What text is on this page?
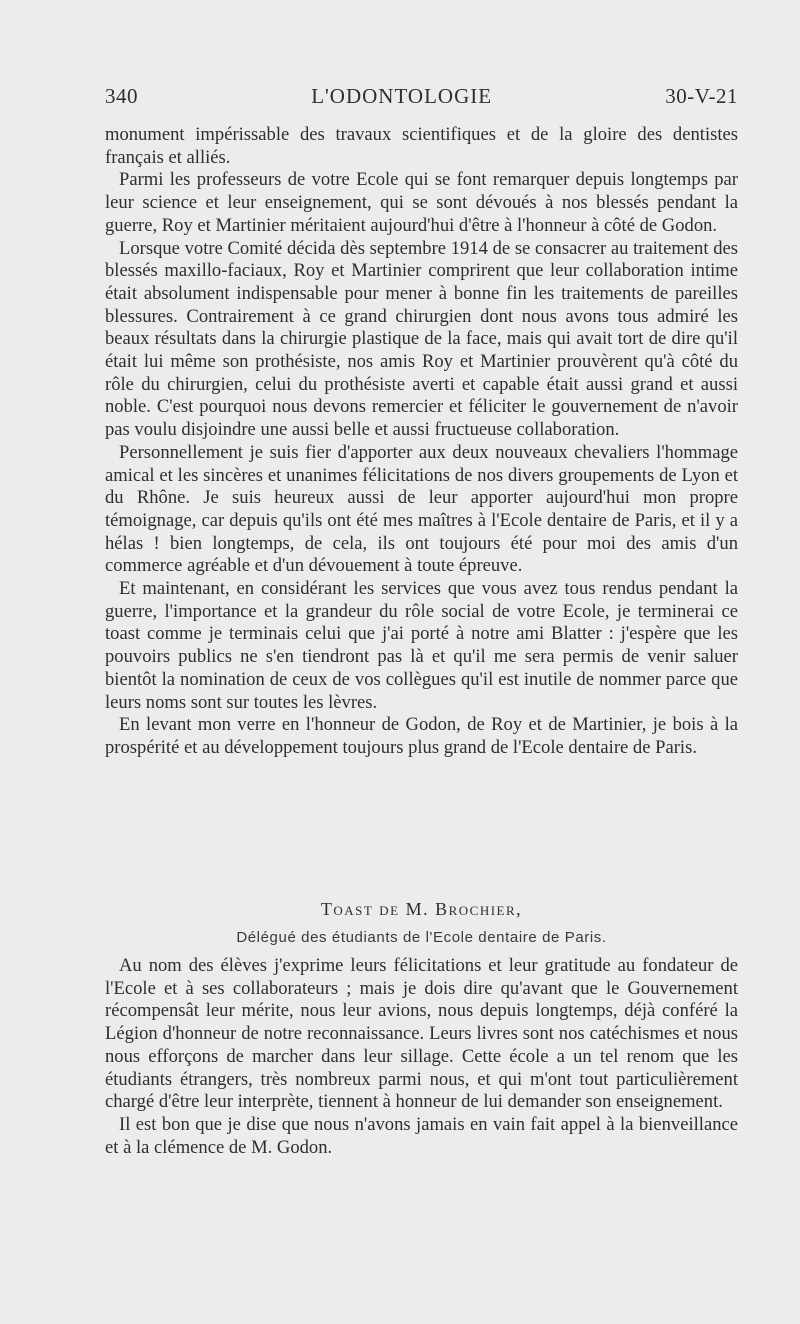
340	L'ODONTOLOGIE	30-V-21

monument impérissable des travaux scientifiques et de la gloire des dentistes français et alliés.

Parmi les professeurs de votre Ecole qui se font remarquer depuis longtemps par leur science et leur enseignement, qui se sont dévoués à nos blessés pendant la guerre, Roy et Martinier méritaient aujourd'hui d'être à l'honneur à côté de Godon.

Lorsque votre Comité décida dès septembre 1914 de se consacrer au traitement des blessés maxillo-faciaux, Roy et Martinier comprirent que leur collaboration intime était absolument indispensable pour mener à bonne fin les traitements de pareilles blessures. Contrairement à ce grand chirurgien dont nous avons tous admiré les beaux résultats dans la chirurgie plastique de la face, mais qui avait tort de dire qu'il était lui même son prothésiste, nos amis Roy et Martinier prouvèrent qu'à côté du rôle du chirurgien, celui du prothésiste averti et capable était aussi grand et aussi noble. C'est pourquoi nous devons remercier et féliciter le gouvernement de n'avoir pas voulu disjoindre une aussi belle et aussi fructueuse collaboration.

Personnellement je suis fier d'apporter aux deux nouveaux chevaliers l'hommage amical et les sincères et unanimes félicitations de nos divers groupements de Lyon et du Rhône. Je suis heureux aussi de leur apporter aujourd'hui mon propre témoignage, car depuis qu'ils ont été mes maîtres à l'Ecole dentaire de Paris, et il y a hélas ! bien longtemps, de cela, ils ont toujours été pour moi des amis d'un commerce agréable et d'un dévouement à toute épreuve.

Et maintenant, en considérant les services que vous avez tous rendus pendant la guerre, l'importance et la grandeur du rôle social de votre Ecole, je terminerai ce toast comme je terminais celui que j'ai porté à notre ami Blatter : j'espère que les pouvoirs publics ne s'en tiendront pas là et qu'il me sera permis de venir saluer bientôt la nomination de ceux de vos collègues qu'il est inutile de nommer parce que leurs noms sont sur toutes les lèvres.

En levant mon verre en l'honneur de Godon, de Roy et de Martinier, je bois à la prospérité et au développement toujours plus grand de l'Ecole dentaire de Paris.

Toast de M. Brochier,
Délégué des étudiants de l'Ecole dentaire de Paris.

Au nom des élèves j'exprime leurs félicitations et leur gratitude au fondateur de l'Ecole et à ses collaborateurs ; mais je dois dire qu'avant que le Gouvernement récompensât leur mérite, nous leur avions, nous depuis longtemps, déjà conféré la Légion d'honneur de notre reconnaissance. Leurs livres sont nos catéchismes et nous nous efforçons de marcher dans leur sillage. Cette école a un tel renom que les étudiants étrangers, très nombreux parmi nous, et qui m'ont tout particulièrement chargé d'être leur interprète, tiennent à honneur de lui demander son enseignement.

Il est bon que je dise que nous n'avons jamais en vain fait appel à la bienveillance et à la clémence de M. Godon.
